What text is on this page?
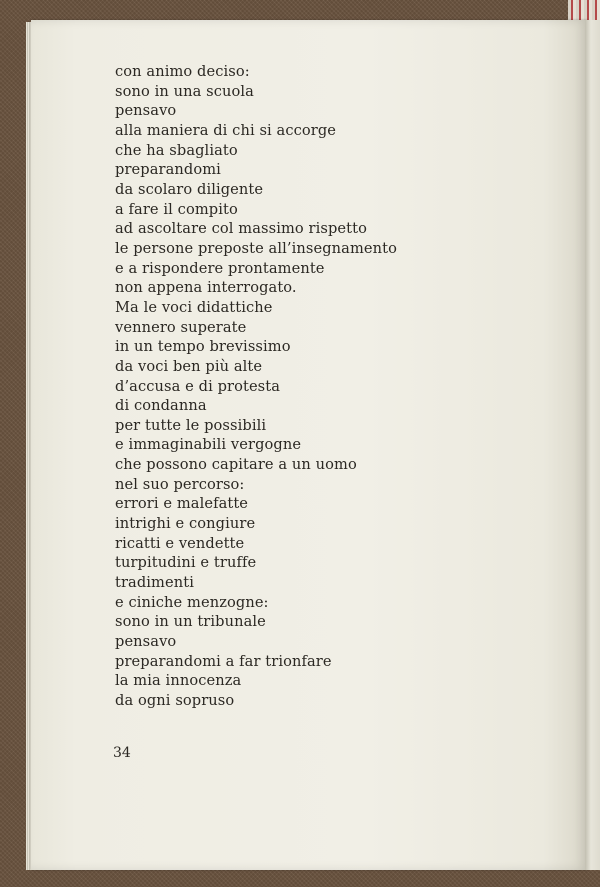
con animo deciso:
sono in una scuola
pensavo
alla maniera di chi si accorge
che ha sbagliato
preparandomi
da scolaro diligente
a fare il compito
ad ascoltare col massimo rispetto
le persone preposte all’insegnamento
e a rispondere prontamente
non appena interrogato.
Ma le voci didattiche
vennero superate
in un tempo brevissimo
da voci ben più alte
d’accusa e di protesta
di condanna
per tutte le possibili
e immaginabili vergogne
che possono capitare a un uomo
nel suo percorso:
errori e malefatte
intrighi e congiure
ricatti e vendette
turpitudini e truffe
tradimenti
e ciniche menzogne:
sono in un tribunale
pensavo
preparandomi a far trionfare
la mia innocenza
da ogni sopruso
34
